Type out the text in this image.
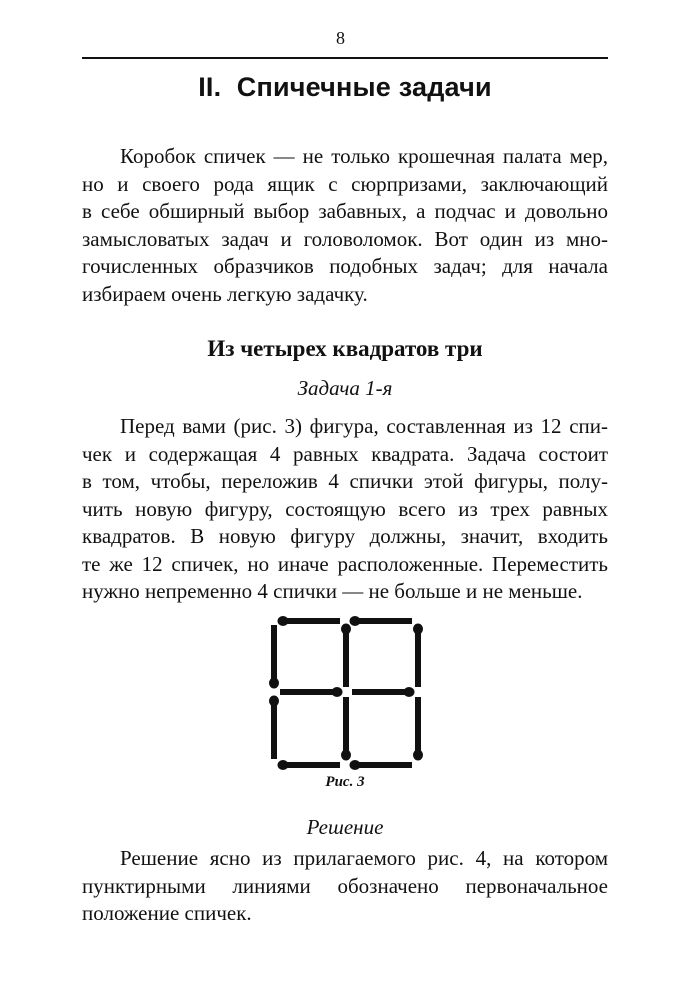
8
II.  Спичечные задачи
Коробок спичек — не только крошечная палата мер,
но и своего рода ящик с сюрпризами, заключающий
в себе обширный выбор забавных, а подчас и довольно
замысловатых задач и головоломок. Вот один из мно-
гочисленных образчиков подобных задач; для начала
избираем очень легкую задачку.
Из четырех квадратов три
Задача 1-я
Перед вами (рис. 3) фигура, составленная из 12 спи-
чек и содержащая 4 равных квадрата. Задача состоит
в том, чтобы, переложив 4 спички этой фигуры, полу-
чить новую фигуру, состоящую всего из трех равных
квадратов. В новую фигуру должны, значит, входить
те же 12 спичек, но иначе расположенные. Переместить
нужно непременно 4 спички — не больше и не меньше.
Рис. 3
Решение
Решение ясно из прилагаемого рис. 4, на котором
пунктирными линиями обозначено первоначальное
положение спичек.
